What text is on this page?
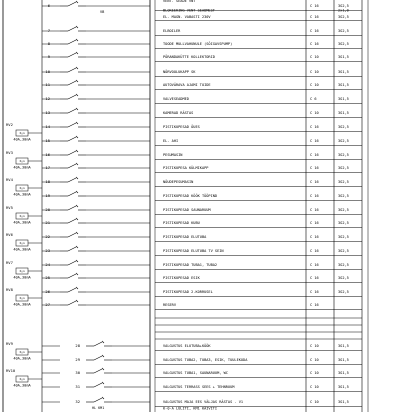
6	C 16	3G2,5
VENT. SEADE VNT
BLOKEERING VENT SEADMEST	2x1,0
EL. MAGN. VABASTI 230V	C 16	3G2,5
VB
7	ELBOILER	C 16	3G2,5
8	TOODE MULLVAHUNULE (SÕIGAVSPUMP)	C 16	3G2,5
9	PÕRANDAKÜTTE KOLLEKTORID	C 10	3G1,5
10	NÕRVOOLUKAPP SK	C 10	3G1,5
11	AUTOVÄRAVA AJAMI TOIDE	C 10	3G1,5
12	VALVESEADMED	C 6	3G1,5
13	KAMERAD RÄSTAS	C 10	3G1,5
14	PISTIKUPESAD ÕUES	C 16	3G2,5
RV2
I△n
40A,30mA	15	EL. AHI	C 16	3G2,5
16	PESUMASIN	C 16	3G2,5
RV3
I△n
40A,30mA	17	PISTIKUPESA KÜLMIKAPP	C 16	3G2,5
18	NÕUDEPESUMASIN	C 16	3G2,5
RV4
I△n
40A,30mA	19	PISTIKUPESAD KÖÖK TÖÖPIND	C 16	3G2,5
20	PISTIKUPESAD SAUNARUUM	C 16	3G2,5
RV5
I△n
40A,30mA	21	PISTIKUPESAD KUBU	C 16	3G2,5
22	PISTIKUPESAD ELUTUBA	C 16	3G2,5
RV6
I△n
40A,30mA	23	PISTIKUPESAD ELUTUBA TV SEIN	C 16	3G2,5
24	PISTIKUPESAD TUBA1, TUBA2	C 16	3G2,5
RV7
I△n
40A,30mA	25	PISTIKUPESAD ESIK	C 16	3G2,5
26	PISTIKUPESAD 2.KORRUSEL	C 16	3G2,5
RV8
I△n
40A,30mA	27	RESERV	C 16
28	VALGUSTUS ELUTUBA+KÖÖK	C 10	3G1,5
RV9
I△n
40A,30mA	29	VALGUSTUS TUBA2, TUBA3, ESIK, TUULEKODA	C 10	3G1,5
30	VALGUSTUS TUBA1, SAUNARUUM, WC	C 10	3G1,5
RV10
I△n
40A,30mA	31	VALGUSTUS TERRASS SEES + TEHNRUUM	C 10	3G1,5
32	VALGUSTUS MAJA EES VÄLJAS RÄSTAS - V1	C 10	3G1,5
K-0-A LÜLITI, KM1 KÄIVITI
HL KM1
